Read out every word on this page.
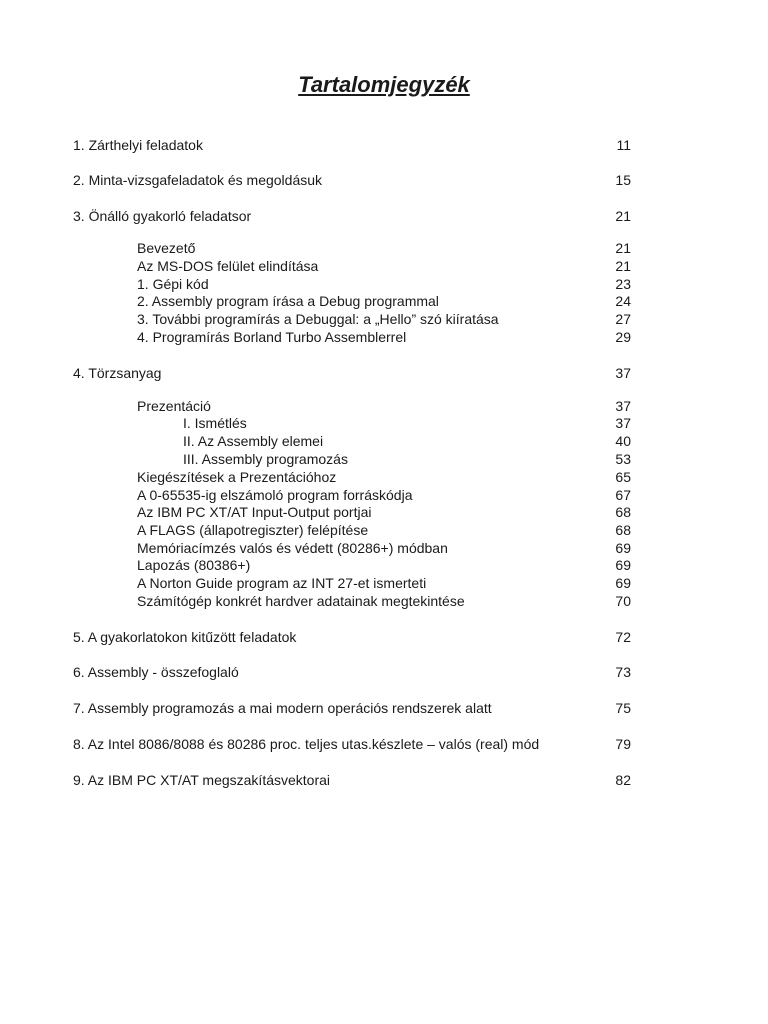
Tartalomjegyzék
1. Zárthelyi feladatok	11
2. Minta-vizsgafeladatok és megoldásuk	15
3. Önálló gyakorló feladatsor	21
Bevezető	21
Az MS-DOS felület elindítása	21
1. Gépi kód	23
2. Assembly program írása a Debug programmal	24
3. További programírás a Debuggal: a „Hello” szó kiíratása	27
4. Programírás Borland Turbo Assemblerrel	29
4. Törzsanyag	37
Prezentáció	37
I. Ismétlés	37
II. Az Assembly elemei	40
III. Assembly programozás	53
Kiegészítések a Prezentációhoz	65
A 0-65535-ig elszámoló program forráskódja	67
Az IBM PC XT/AT Input-Output portjai	68
A FLAGS (állapotregiszter) felépítése	68
Memóriacímzés valós és védett (80286+) módban	69
Lapozás (80386+)	69
A Norton Guide program az INT 27-et ismerteti	69
Számítógép konkrét hardver adatainak megtekintése	70
5. A gyakorlatokon kitűzött feladatok	72
6. Assembly - összefoglaló	73
7. Assembly programozás a mai modern operációs rendszerek alatt	75
8. Az Intel 8086/8088 és 80286 proc. teljes utas.készlete – valós (real) mód	79
9. Az IBM PC XT/AT megszakításvektorai	82
